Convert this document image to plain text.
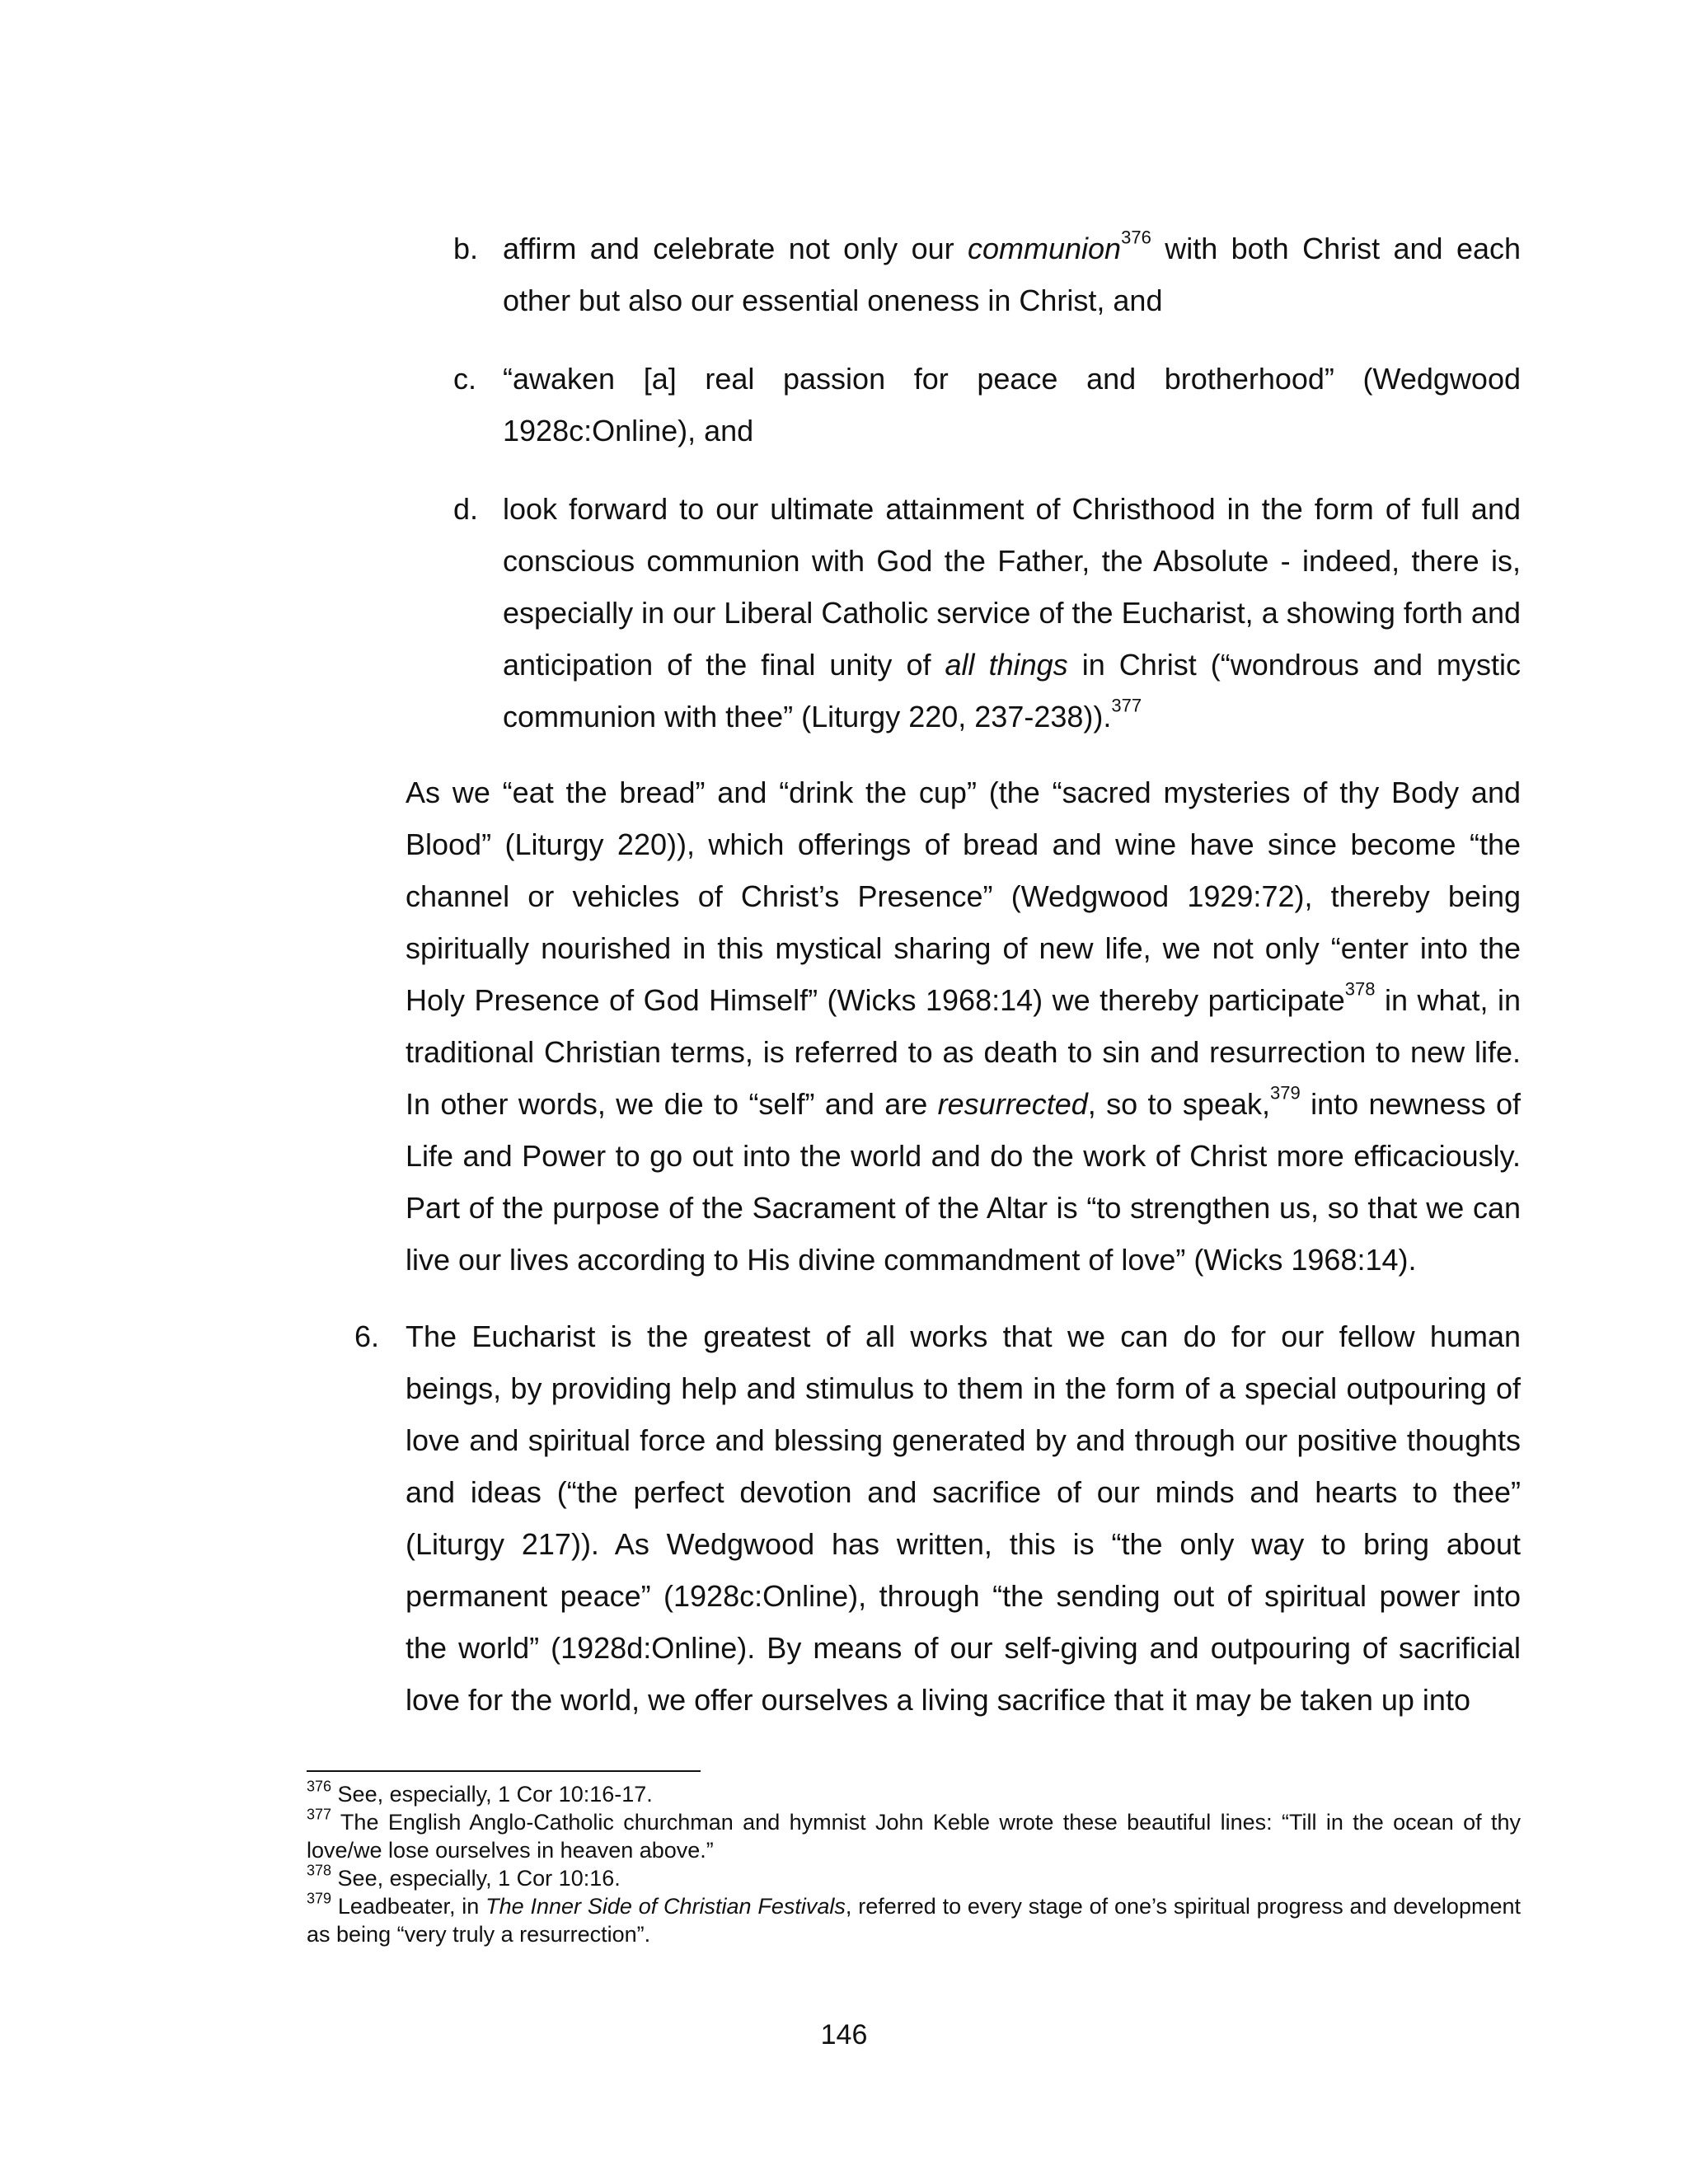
b. affirm and celebrate not only our communion$^{376}$ with both Christ and each other but also our essential oneness in Christ, and

c. “awaken [a] real passion for peace and brotherhood” (Wedgwood 1928c:Online), and

d. look forward to our ultimate attainment of Christhood in the form of full and conscious communion with God the Father, the Absolute - indeed, there is, especially in our Liberal Catholic service of the Eucharist, a showing forth and anticipation of the final unity of all things in Christ (“wondrous and mystic communion with thee” (Liturgy 220, 237-238)).$^{377}$

As we “eat the bread” and “drink the cup” (the “sacred mysteries of thy Body and Blood” (Liturgy 220)), which offerings of bread and wine have since become “the channel or vehicles of Christ’s Presence” (Wedgwood 1929:72), thereby being spiritually nourished in this mystical sharing of new life, we not only “enter into the Holy Presence of God Himself” (Wicks 1968:14) we thereby participate$^{378}$ in what, in traditional Christian terms, is referred to as death to sin and resurrection to new life. In other words, we die to “self” and are resurrected, so to speak,$^{379}$ into newness of Life and Power to go out into the world and do the work of Christ more efficaciously. Part of the purpose of the Sacrament of the Altar is “to strengthen us, so that we can live our lives according to His divine commandment of love” (Wicks 1968:14).

6. The Eucharist is the greatest of all works that we can do for our fellow human beings, by providing help and stimulus to them in the form of a special outpouring of love and spiritual force and blessing generated by and through our positive thoughts and ideas (“the perfect devotion and sacrifice of our minds and hearts to thee” (Liturgy 217)). As Wedgwood has written, this is “the only way to bring about permanent peace” (1928c:Online), through “the sending out of spiritual power into the world” (1928d:Online). By means of our self-giving and outpouring of sacrificial love for the world, we offer ourselves a living sacrifice that it may be taken up into

$^{376}$ See, especially, 1 Cor 10:16-17.

$^{377}$ The English Anglo-Catholic churchman and hymnist John Keble wrote these beautiful lines: “Till in the ocean of thy love/we lose ourselves in heaven above.”

$^{378}$ See, especially, 1 Cor 10:16.

$^{379}$ Leadbeater, in The Inner Side of Christian Festivals, referred to every stage of one’s spiritual progress and development as being “very truly a resurrection”.

146
